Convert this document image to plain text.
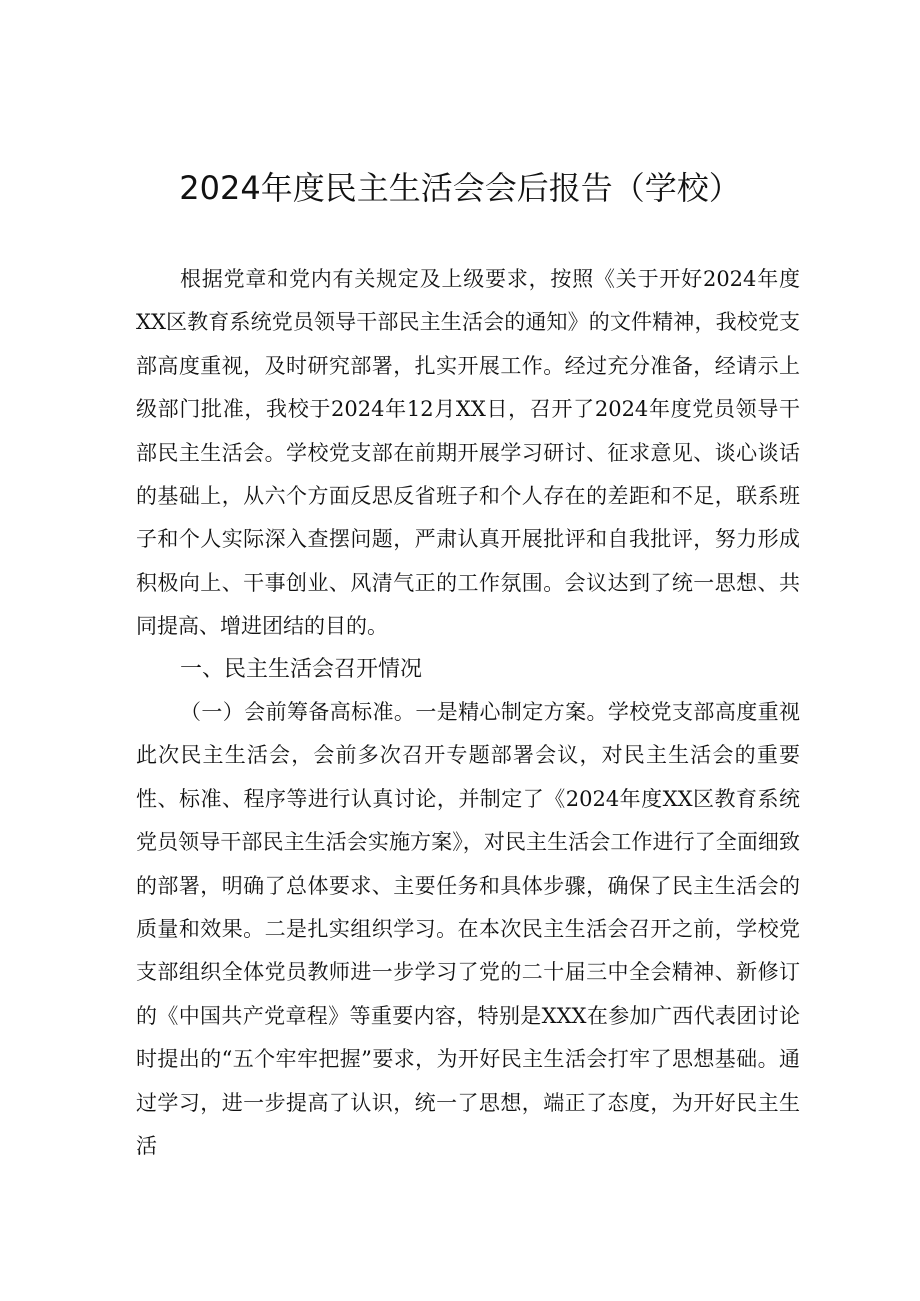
2024年度民主生活会会后报告（学校）

根据党章和党内有关规定及上级要求，按照《关于开好2024年度XX区教育系统党员领导干部民主生活会的通知》的文件精神，我校党支部高度重视，及时研究部署，扎实开展工作。经过充分准备，经请示上级部门批准，我校于2024年12月XX日，召开了2024年度党员领导干部民主生活会。学校党支部在前期开展学习研讨、征求意见、谈心谈话的基础上，从六个方面反思反省班子和个人存在的差距和不足，联系班子和个人实际深入查摆问题，严肃认真开展批评和自我批评，努力形成积极向上、干事创业、风清气正的工作氛围。会议达到了统一思想、共同提高、增进团结的目的。

一、民主生活会召开情况

（一）会前筹备高标准。一是精心制定方案。学校党支部高度重视此次民主生活会，会前多次召开专题部署会议，对民主生活会的重要性、标准、程序等进行认真讨论，并制定了《2024年度XX区教育系统党员领导干部民主生活会实施方案》，对民主生活会工作进行了全面细致的部署，明确了总体要求、主要任务和具体步骤，确保了民主生活会的质量和效果。二是扎实组织学习。在本次民主生活会召开之前，学校党支部组织全体党员教师进一步学习了党的二十届三中全会精神、新修订的《中国共产党章程》等重要内容，特别是XXX在参加广西代表团讨论时提出的“五个牢牢把握”要求，为开好民主生活会打牢了思想基础。通过学习，进一步提高了认识，统一了思想，端正了态度，为开好民主生活
